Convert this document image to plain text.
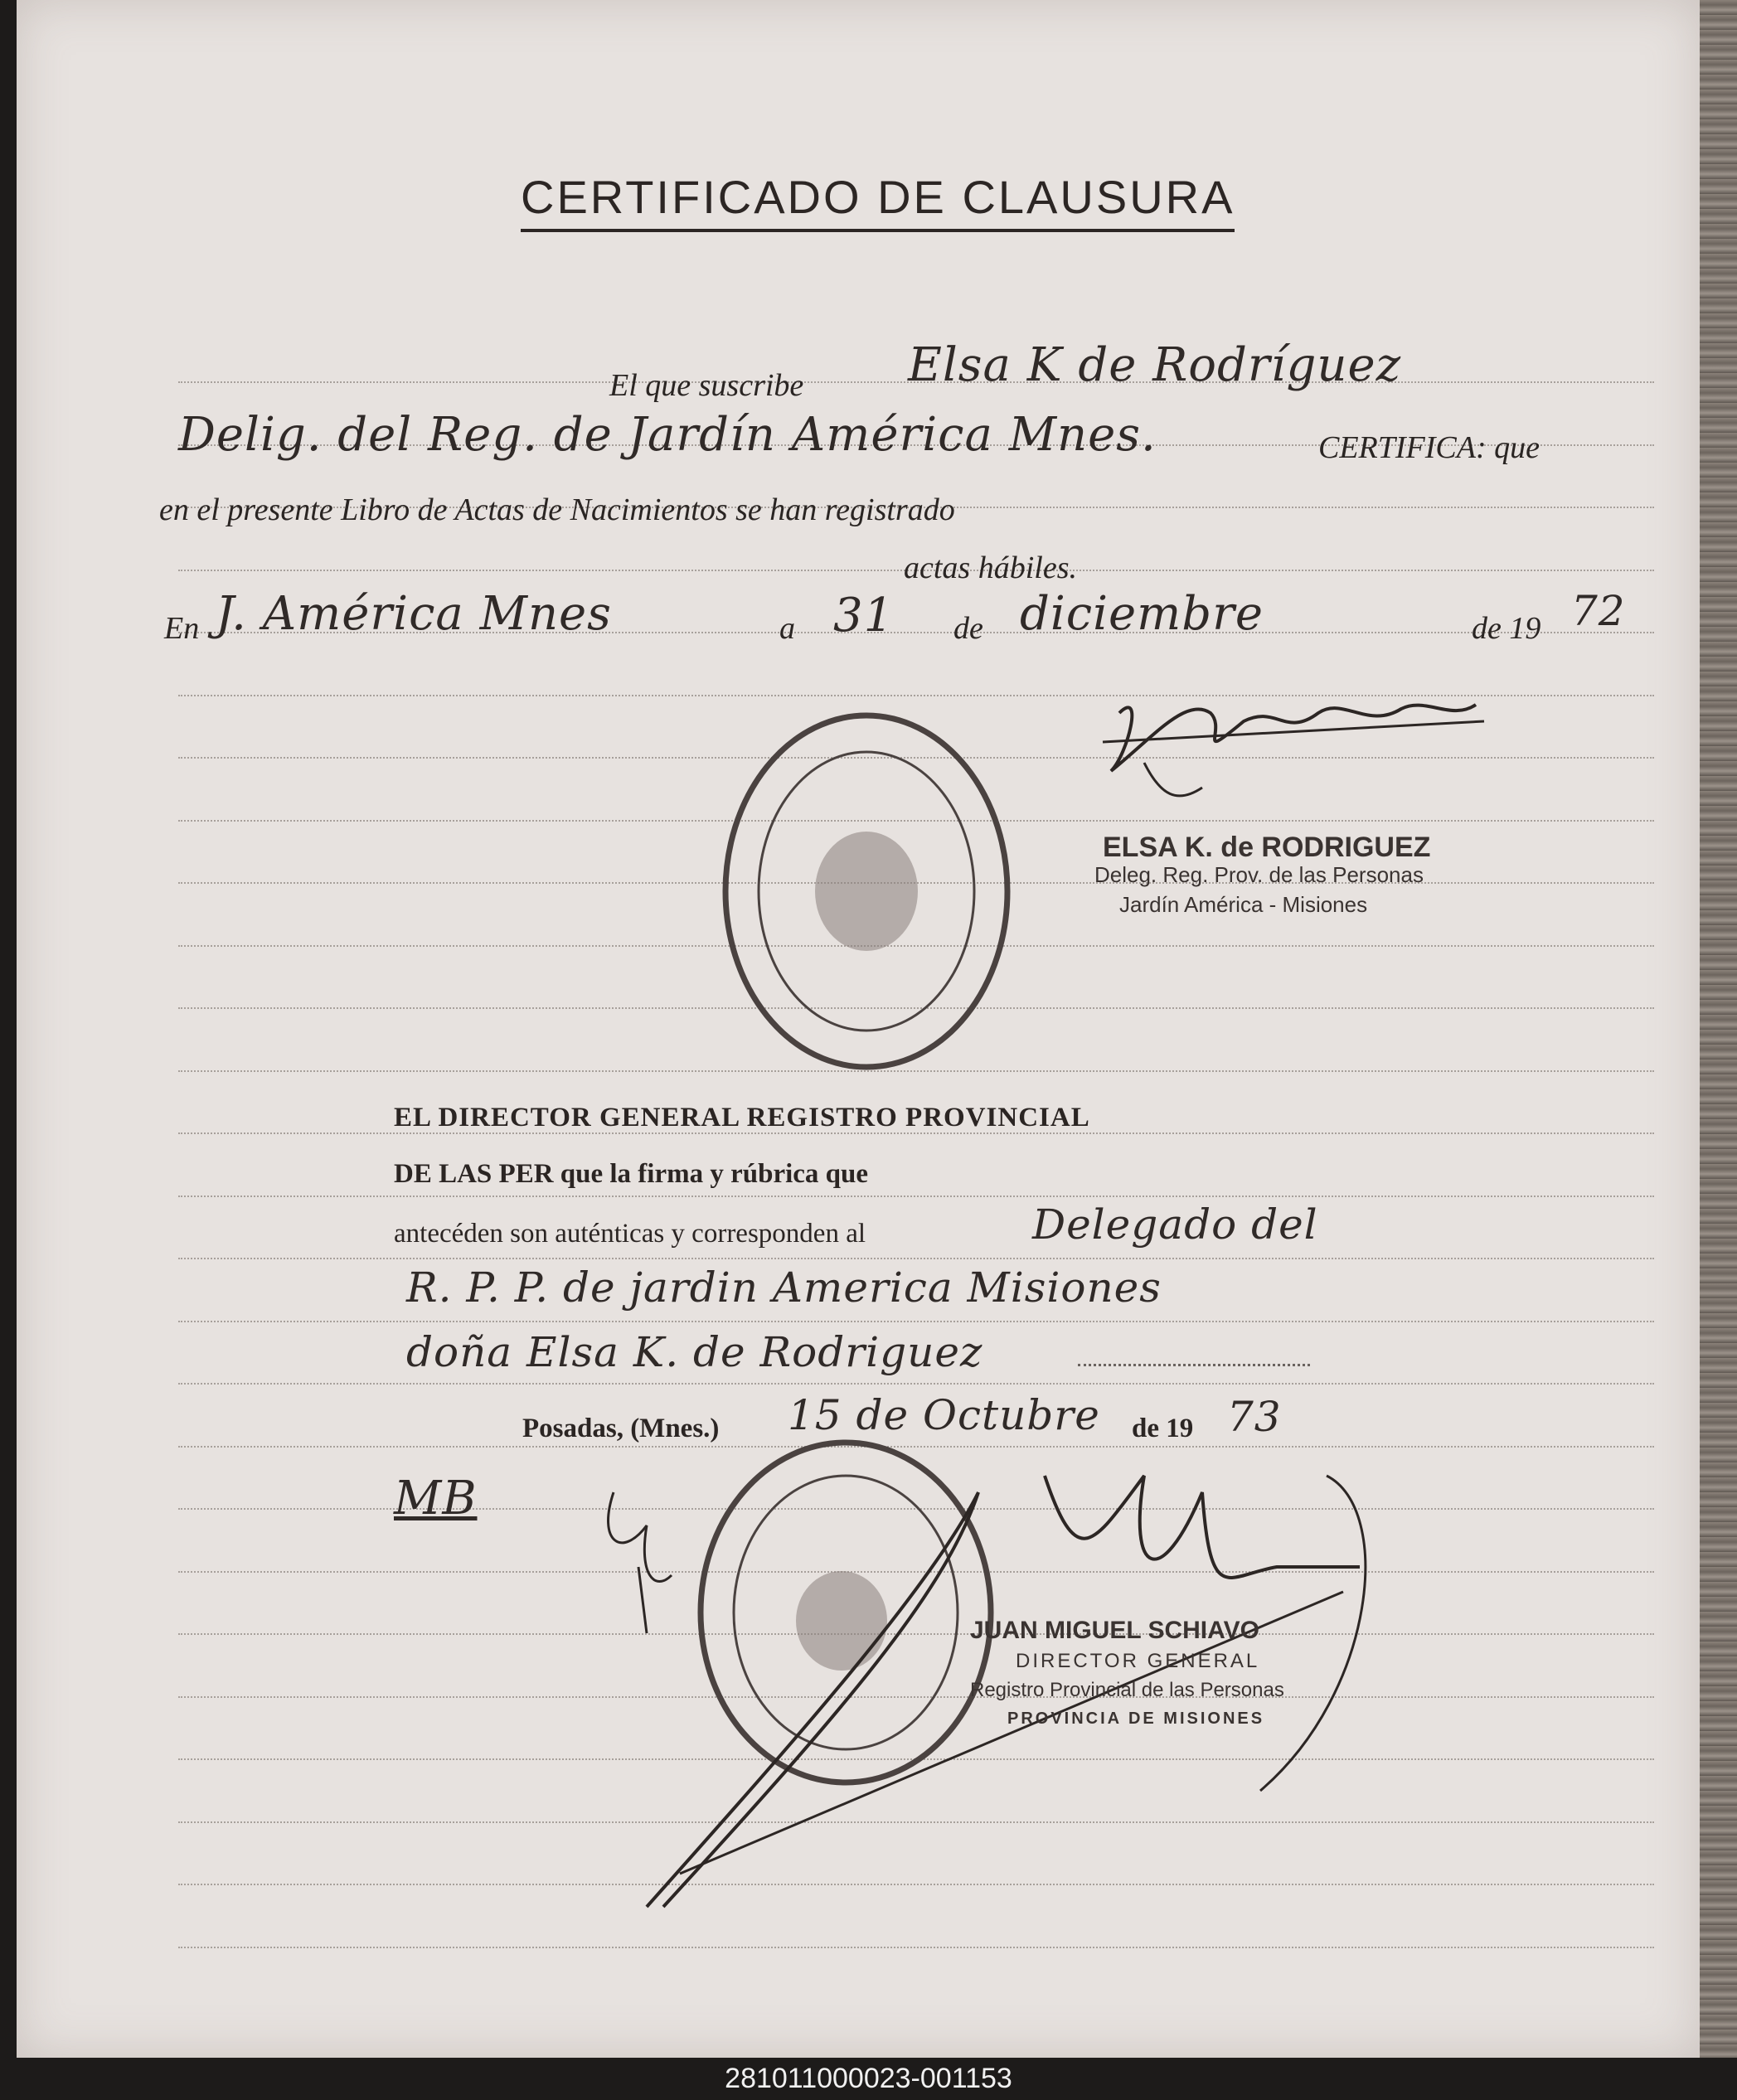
CERTIFICADO DE CLAUSURA
El que suscribe Elsa K de Rodríguez
Delig. del Reg. de Jardín América Mnes.	CERTIFICA: que
en el presente Libro de Actas de Nacimientos se han registrado
actas hábiles.
En J. América Mnes	a 31 de diciembre	de 19 72
ELSA K. de RODRIGUEZ
Deleg. Reg. Prov. de las Personas
Jardín América - Misiones
EL DIRECTOR GENERAL REGISTRO PROVINCIAL
DE LAS PER que la firma y rúbrica que
antecéden son auténticas y corresponden al	Delegado del
R. P. P. de jardin America Misiones
doña Elsa K. de Rodriguez
Posadas, (Mnes.) 15 de Octubre de 19 73
MB
JUAN MIGUEL SCHIAVO
DIRECTOR GENERAL
Registro Provincial de las Personas
PROVINCIA DE MISIONES
281011000023-001153
